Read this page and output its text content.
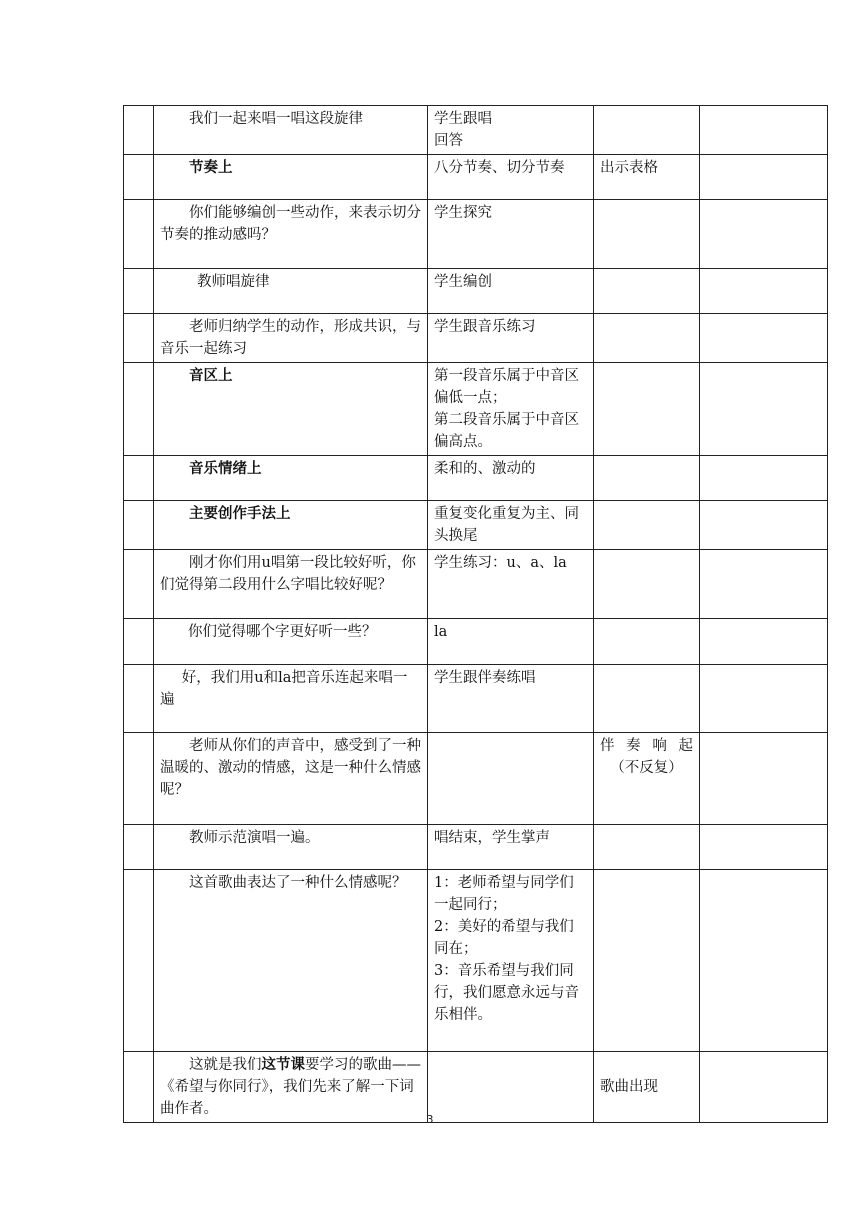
	我们一起来唱一唱这段旋律	学生跟唱
回答		

	节奏上	八分节奏、切分节奏	出示表格	
	你们能够编创一些动作，来表示切分节奏的推动感吗？	学生探究		

	教师唱旋律	学生编创		

	老师归纳学生的动作，形成共识，与音乐一起练习	学生跟音乐练习		

	音区上	第一段音乐属于中音区偏低一点；
第二段音乐属于中音区偏高点。		

	音乐情绪上	柔和的、激动的		

	主要创作手法上	重复变化重复为主、同头换尾		

	刚才你们用u唱第一段比较好听，你们觉得第二段用什么字唱比较好呢？	学生练习：u、a、la		

	你们觉得哪个字更好听一些？	la		

	好，我们用u和la把音乐连起来唱一遍	学生跟伴奏练唱		

	老师从你们的声音中，感受到了一种温暖的、激动的情感，这是一种什么情感呢？		伴奏响起
（不反复）	

	教师示范演唱一遍。	唱结束，学生掌声		

	这首歌曲表达了一种什么情感呢？	1：老师希望与同学们一起同行；
2：美好的希望与我们同在；
3：音乐希望与我们同行，我们愿意永远与音乐相伴。		

	这就是我们这节课要学习的歌曲——《希望与你同行》，我们先来了解一下词曲作者。		歌曲出现	
3
